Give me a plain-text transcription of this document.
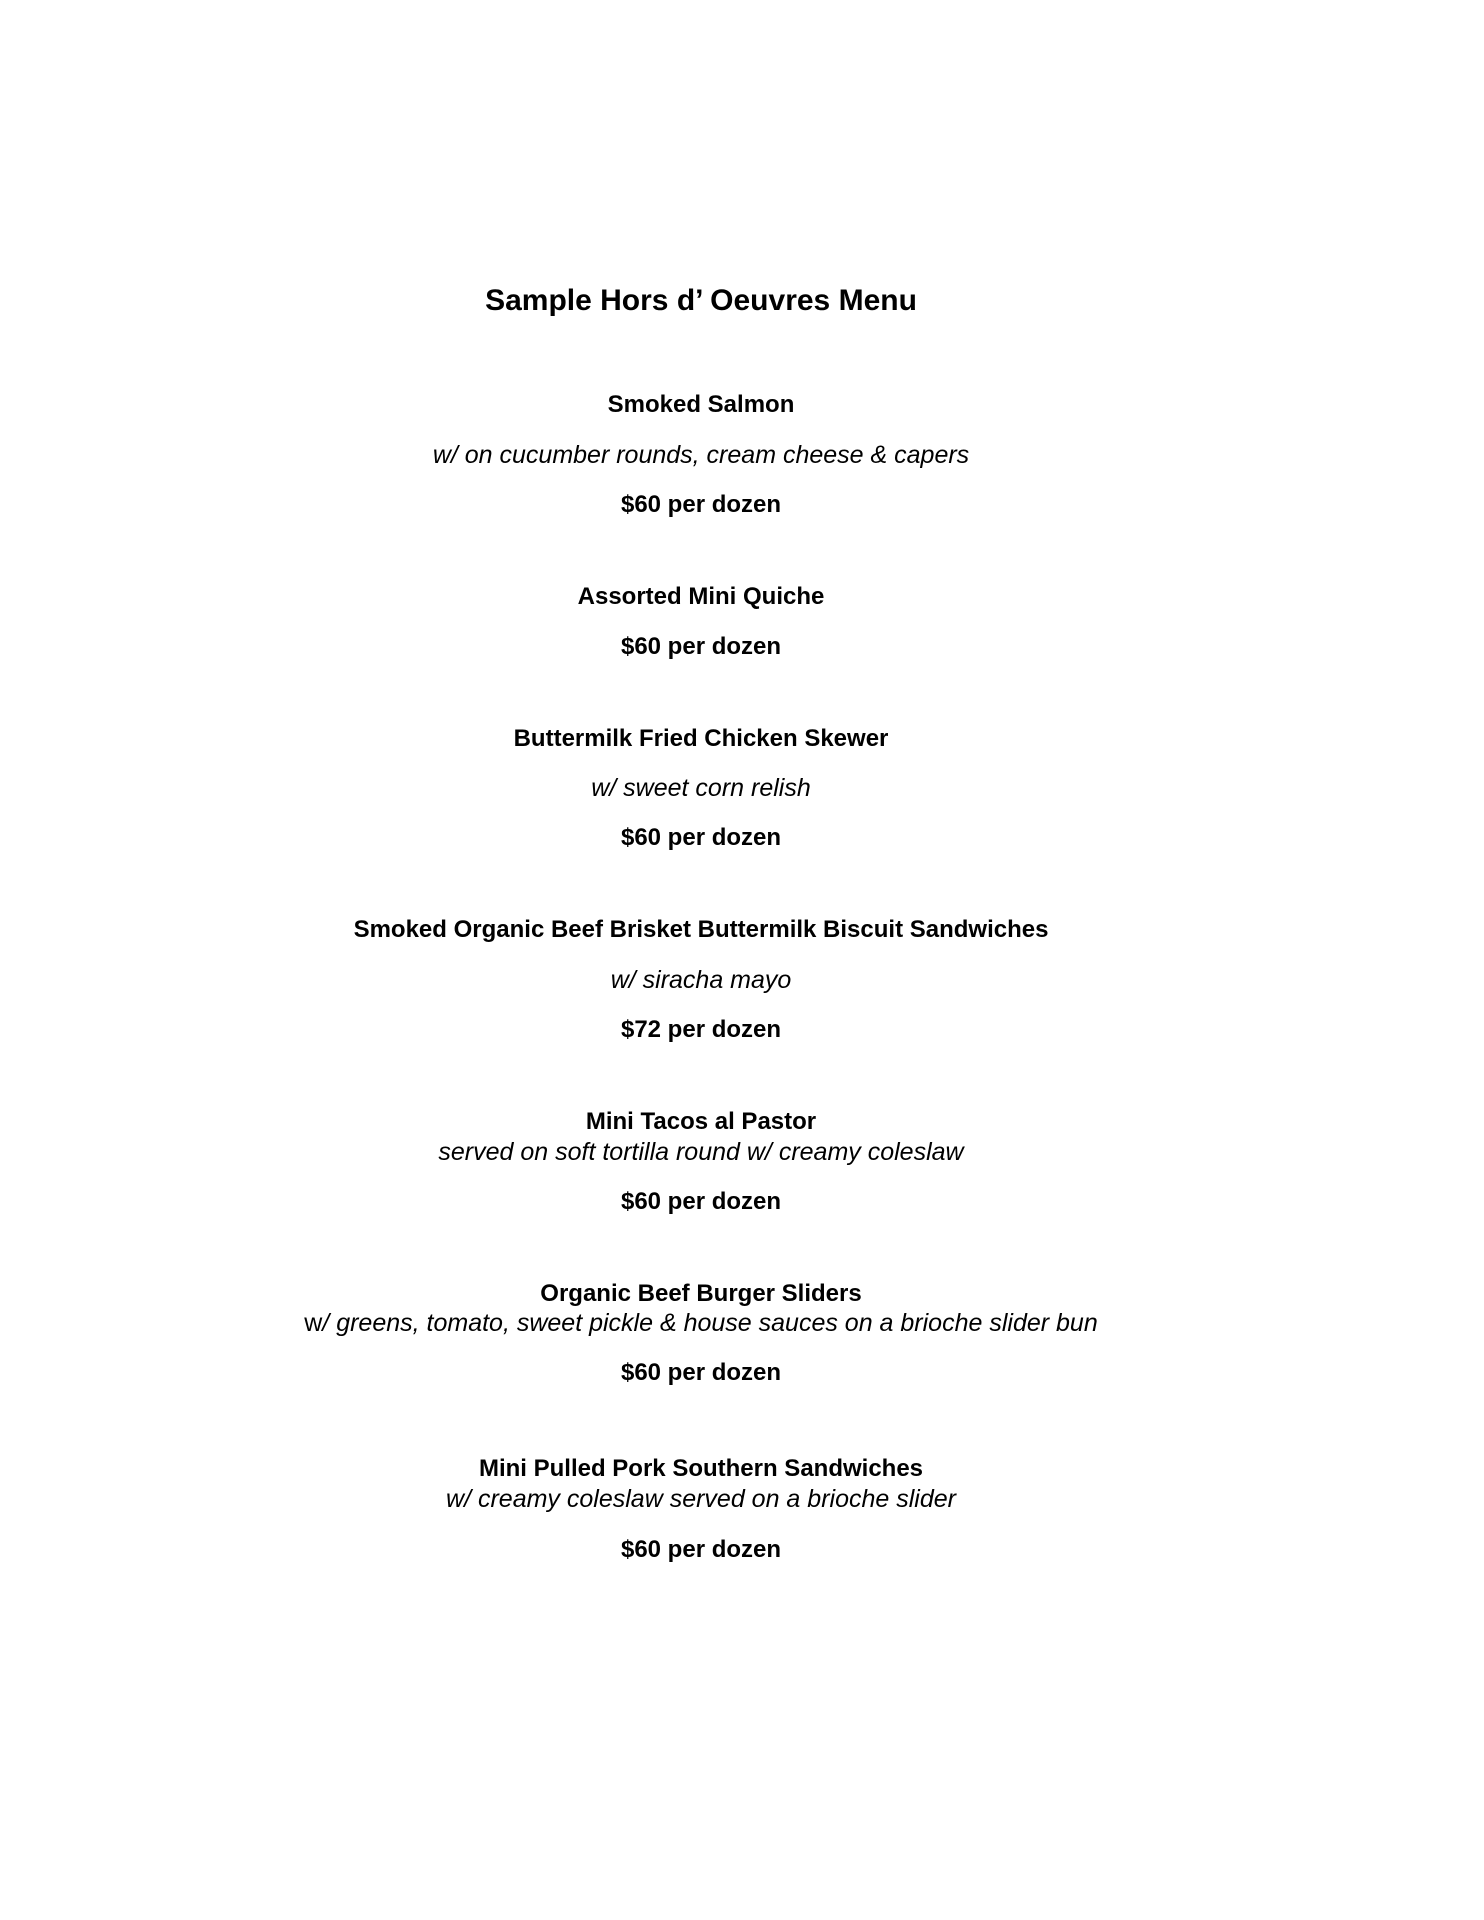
Sample Hors d’ Oeuvres Menu
Smoked Salmon
w/ on cucumber rounds, cream cheese & capers
$60 per dozen
Assorted Mini Quiche
$60 per dozen
Buttermilk Fried Chicken Skewer
w/ sweet corn relish
$60 per dozen
Smoked Organic Beef Brisket Buttermilk Biscuit Sandwiches
w/ siracha mayo
$72 per dozen
Mini Tacos al Pastor
served on soft tortilla round w/ creamy coleslaw
$60 per dozen
Organic Beef Burger Sliders
w/ greens, tomato, sweet pickle & house sauces on a brioche slider bun
$60 per dozen
Mini Pulled Pork Southern Sandwiches
w/ creamy coleslaw served on a brioche slider
$60 per dozen
